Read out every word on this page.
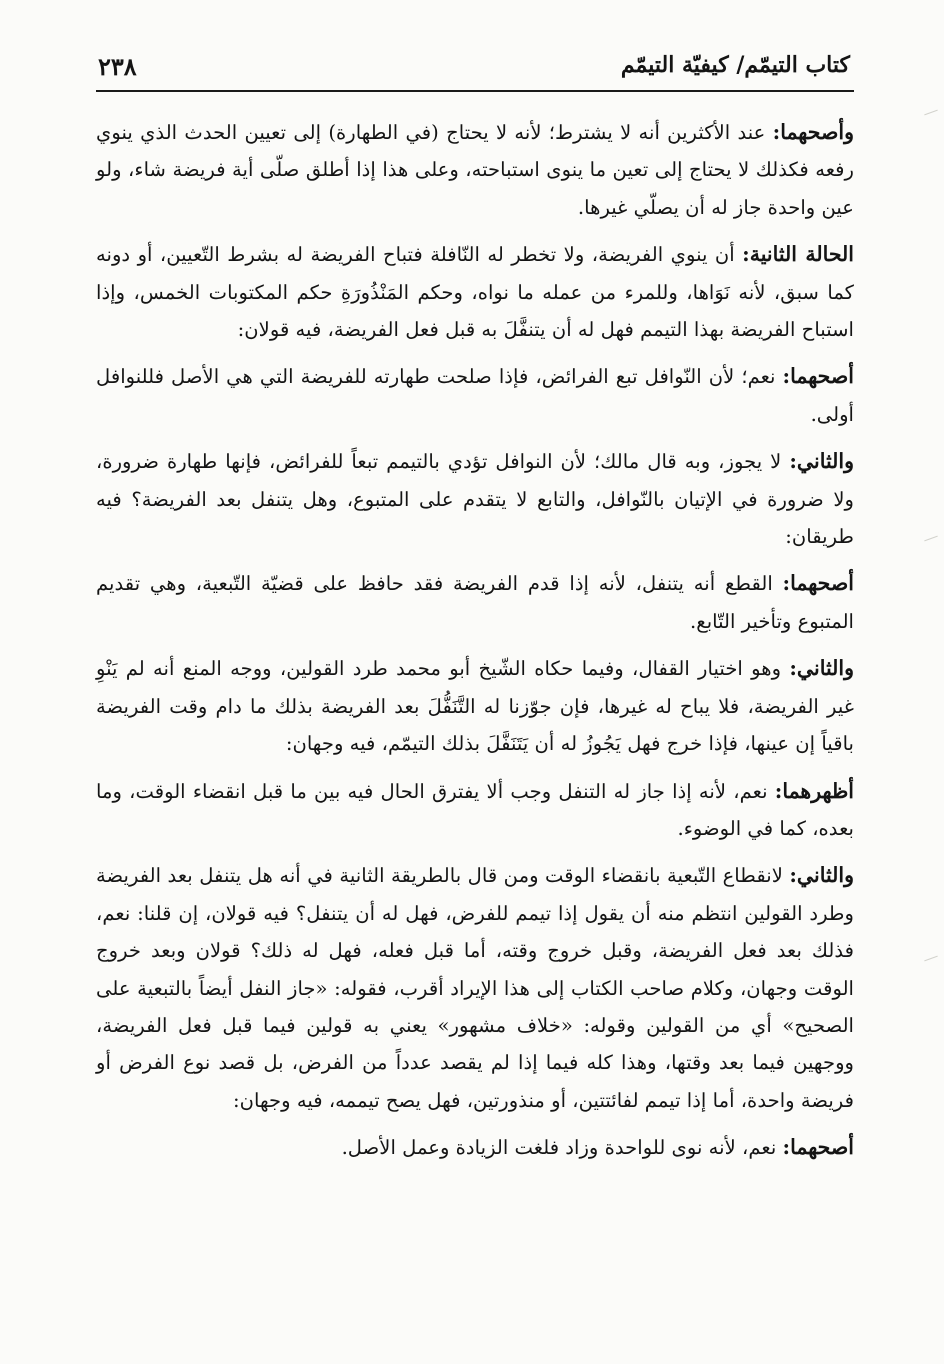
كتاب التيمّم/ كيفيّة التيمّم
٢٣٨

وأصحهما: عند الأكثرين أنه لا يشترط؛ لأنه لا يحتاج (في الطهارة) إلى تعيين الحدث الذي ينوي رفعه فكذلك لا يحتاج إلى تعين ما ينوى استباحته، وعلى هذا إذا أطلق صلّى أية فريضة شاء، ولو عين واحدة جاز له أن يصلّي غيرها.

الحالة الثانية: أن ينوي الفريضة، ولا تخطر له النّافلة فتباح الفريضة له بشرط التّعيين، أو دونه كما سبق، لأنه نَوَاها، وللمرء من عمله ما نواه، وحكم المَنْذُورَةِ حكم المكتوبات الخمس، وإذا استباح الفريضة بهذا التيمم فهل له أن يتنفَّلَ به قبل فعل الفريضة، فيه قولان:

أصحهما: نعم؛ لأن النّوافل تبع الفرائض، فإذا صلحت طهارته للفريضة التي هي الأصل فللنوافل أولى.

والثاني: لا يجوز، وبه قال مالك؛ لأن النوافل تؤدي بالتيمم تبعاً للفرائض، فإنها طهارة ضرورة، ولا ضرورة في الإتيان بالنّوافل، والتابع لا يتقدم على المتبوع، وهل يتنفل بعد الفريضة؟ فيه طريقان:

أصحهما: القطع أنه يتنفل، لأنه إذا قدم الفريضة فقد حافظ على قضيّة التّبعية، وهي تقديم المتبوع وتأخير التّابع.

والثاني: وهو اختيار القفال، وفيما حكاه الشّيخ أبو محمد طرد القولين، ووجه المنع أنه لم يَنْوِ غير الفريضة، فلا يباح له غيرها، فإن جوّزنا له التَّنَفُّلَ بعد الفريضة بذلك ما دام وقت الفريضة باقياً إن عينها، فإذا خرج فهل يَجُوزُ له أن يَتَنَفَّلَ بذلك التيمّم، فيه وجهان:

أظهرهما: نعم، لأنه إذا جاز له التنفل وجب ألا يفترق الحال فيه بين ما قبل انقضاء الوقت، وما بعده، كما في الوضوء.

والثاني: لانقطاع التّبعية بانقضاء الوقت ومن قال بالطريقة الثانية في أنه هل يتنفل بعد الفريضة وطرد القولين انتظم منه أن يقول إذا تيمم للفرض، فهل له أن يتنفل؟ فيه قولان، إن قلنا: نعم، فذلك بعد فعل الفريضة، وقبل خروج وقته، أما قبل فعله، فهل له ذلك؟ قولان وبعد خروج الوقت وجهان، وكلام صاحب الكتاب إلى هذا الإيراد أقرب، فقوله: «جاز النفل أيضاً بالتبعية على الصحيح» أي من القولين وقوله: «خلاف مشهور» يعني به قولين فيما قبل فعل الفريضة، ووجهين فيما بعد وقتها، وهذا كله فيما إذا لم يقصد عدداً من الفرض، بل قصد نوع الفرض أو فريضة واحدة، أما إذا تيمم لفائتتين، أو منذورتين، فهل يصح تيممه، فيه وجهان:

أصحهما: نعم، لأنه نوى للواحدة وزاد فلغت الزيادة وعمل الأصل.
